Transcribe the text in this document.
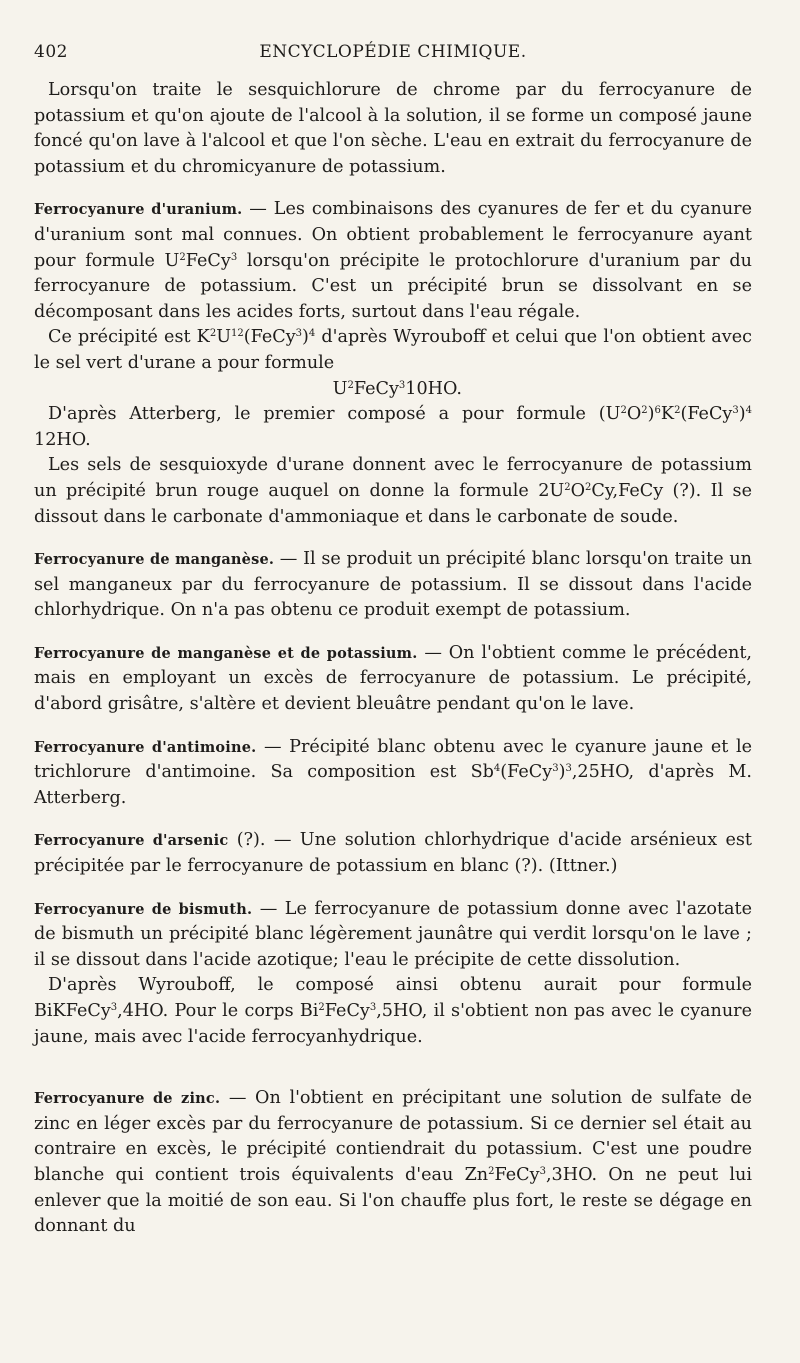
402	ENCYCLOPÉDIE CHIMIQUE.

Lorsqu'on traite le sesquichlorure de chrome par du ferrocyanure de potassium et qu'on ajoute de l'alcool à la solution, il se forme un composé jaune foncé qu'on lave à l'alcool et que l'on sèche. L'eau en extrait du ferrocyanure de potassium et du chromicyanure de potassium.

Ferrocyanure d'uranium. — Les combinaisons des cyanures de fer et du cyanure d'uranium sont mal connues. On obtient probablement le ferrocyanure ayant pour formule $U^2FeCy^3$ lorsqu'on précipite le protochlorure d'uranium par du ferrocyanure de potassium. C'est un précipité brun se dissolvant en se décomposant dans les acides forts, surtout dans l'eau régale.

Ce précipité est $K^2U^{12}(FeCy^3)^4$ d'après Wyrouboff et celui que l'on obtient avec le sel vert d'urane a pour formule

$U^2FeCy^310HO$.

D'après Atterberg, le premier composé a pour formule $(U^2O^2)^6K^2(FeCy^3)^4$ 12HO.

Les sels de sesquioxyde d'urane donnent avec le ferrocyanure de potassium un précipité brun rouge auquel on donne la formule $2U^2O^2Cy,FeCy$ (?). Il se dissout dans le carbonate d'ammoniaque et dans le carbonate de soude.

Ferrocyanure de manganèse. — Il se produit un précipité blanc lorsqu'on traite un sel manganeux par du ferrocyanure de potassium. Il se dissout dans l'acide chlorhydrique. On n'a pas obtenu ce produit exempt de potassium.

Ferrocyanure de manganèse et de potassium. — On l'obtient comme le précédent, mais en employant un excès de ferrocyanure de potassium. Le précipité, d'abord grisâtre, s'altère et devient bleuâtre pendant qu'on le lave.

Ferrocyanure d'antimoine. — Précipité blanc obtenu avec le cyanure jaune et le trichlorure d'antimoine. Sa composition est Sb$^4$(FeCy$^3$)$^3$,25HO, d'après M. Atterberg.

Ferrocyanure d'arsenic (?). — Une solution chlorhydrique d'acide arsénieux est précipitée par le ferrocyanure de potassium en blanc (?). (Ittner.)

Ferrocyanure de bismuth. — Le ferrocyanure de potassium donne avec l'azotate de bismuth un précipité blanc légèrement jaunâtre qui verdit lorsqu'on le lave ; il se dissout dans l'acide azotique; l'eau le précipite de cette dissolution.

D'après Wyrouboff, le composé ainsi obtenu aurait pour formule BiKFeCy$^3$,4HO. Pour le corps Bi$^2$FeCy$^3$,5HO, il s'obtient non pas avec le cyanure jaune, mais avec l'acide ferrocyanhydrique.

Ferrocyanure de zinc. — On l'obtient en précipitant une solution de sulfate de zinc en léger excès par du ferrocyanure de potassium. Si ce dernier sel était au contraire en excès, le précipité contiendrait du potassium. C'est une poudre blanche qui contient trois équivalents d'eau Zn$^2$FeCy$^3$,3HO. On ne peut lui enlever que la moitié de son eau. Si l'on chauffe plus fort, le reste se dégage en donnant du
